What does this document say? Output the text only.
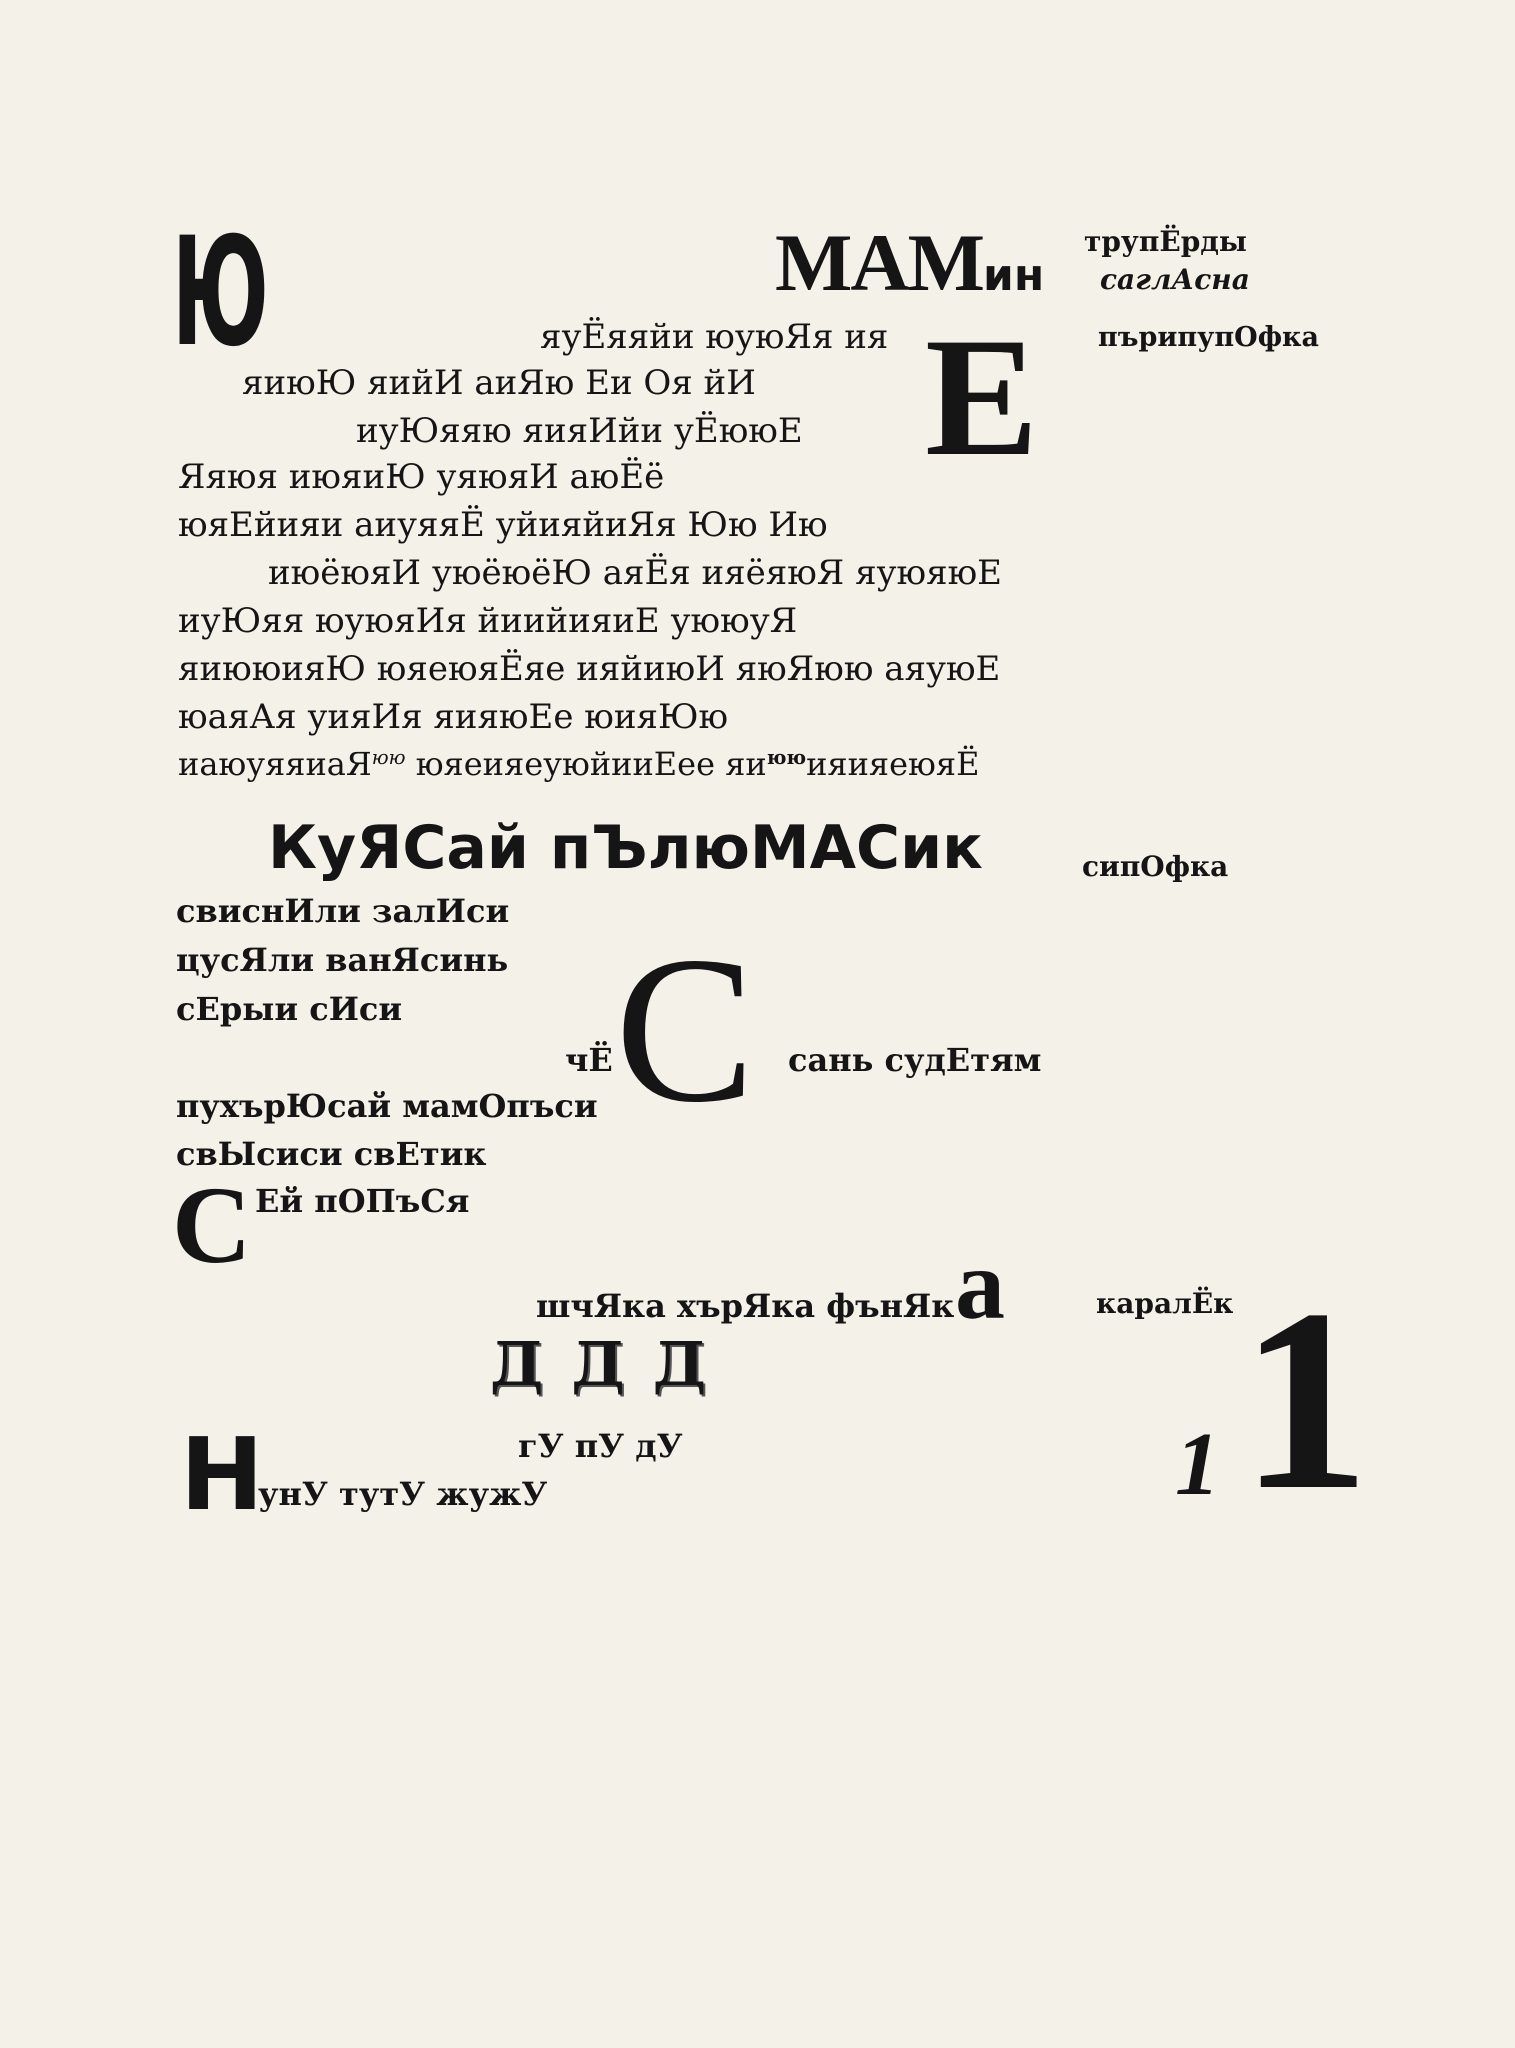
МАМин
трупЁрды
саглАсна
пърипупОфка
сипОфка
каралЁк
Ю
Е
яуЁяяйи юуюЯя ия
яиюЮ яийИ аиЯю Еи Оя йИ
иуЮяяю яияИйи уЁююЕ
Яяюя июяиЮ уяюяИ аюЁё
юяЕйияи аиуяяЁ уйияйиЯя Юю Ию
июёюяИ уюёюёЮ аяЁя ияёяюЯ яуюяюЕ
иуЮяя юуюяИя йиийияиЕ уююуЯ
яиююияЮ юяеюяЁяе ияйиюИ яюЯюю аяуюЕ
юаяАя уияИя яияюЕе юияЮю
иаюуяяиаЯ$^{юю}$ юяеияеуюйииЕее $яи^{юю}ияияеюяЁ$
КуЯСай пЪлюМАСик
свиснИли залИси
цусЯли ванЯсинь
сЕрыи сИси
чЁ С сань судЕтям
пухърЮсай мамОпъси
свЫсиси свЕтик
С Ей пОПъСя
шчЯка хърЯка фънЯк а
ДДД
гУ пУ дУ
Н
унУ тутУ жужУ	1 1
